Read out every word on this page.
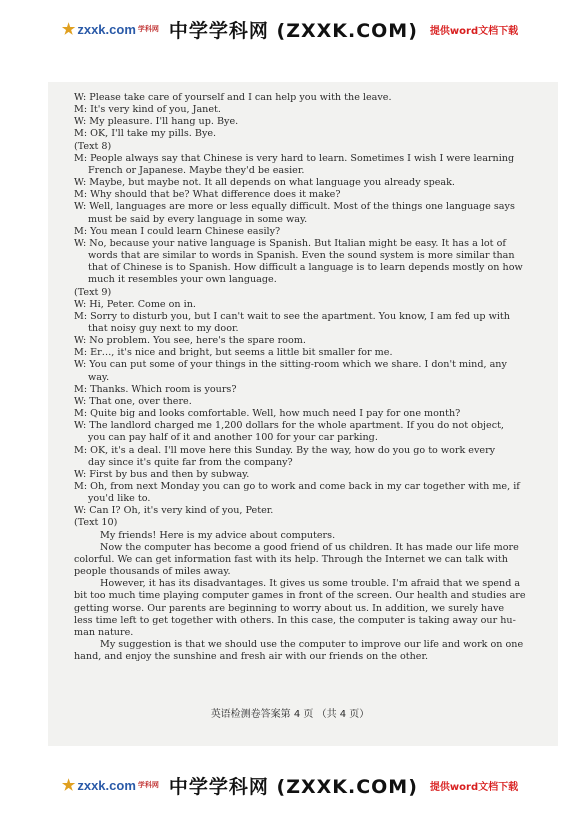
★ zxxk.com 学科网 中学学科网 (ZXXK.COM) 提供word文档下载
W: Please take care of yourself and I can help you with the leave.
M: It's very kind of you, Janet.
W: My pleasure. I'll hang up. Bye.
M: OK, I'll take my pills. Bye.
(Text 8)
M: People always say that Chinese is very hard to learn. Sometimes I wish I were learning
French or Japanese. Maybe they'd be easier.
W: Maybe, but maybe not. It all depends on what language you already speak.
M: Why should that be? What difference does it make?
W: Well, languages are more or less equally difficult. Most of the things one language says
must be said by every language in some way.
M: You mean I could learn Chinese easily?
W: No, because your native language is Spanish. But Italian might be easy. It has a lot of
words that are similar to words in Spanish. Even the sound system is more similar than
that of Chinese is to Spanish. How difficult a language is to learn depends mostly on how
much it resembles your own language.
(Text 9)
W: Hi, Peter. Come on in.
M: Sorry to disturb you, but I can't wait to see the apartment. You know, I am fed up with
that noisy guy next to my door.
W: No problem. You see, here's the spare room.
M: Er…, it's nice and bright, but seems a little bit smaller for me.
W: You can put some of your things in the sitting-room which we share. I don't mind, any
way.
M: Thanks. Which room is yours?
W: That one, over there.
M: Quite big and looks comfortable. Well, how much need I pay for one month?
W: The landlord charged me 1,200 dollars for the whole apartment. If you do not object,
you can pay half of it and another 100 for your car parking.
M: OK, it's a deal. I'll move here this Sunday. By the way, how do you go to work every
day since it's quite far from the company?
W: First by bus and then by subway.
M: Oh, from next Monday you can go to work and come back in my car together with me, if
you'd like to.
W: Can I? Oh, it's very kind of you, Peter.
(Text 10)
My friends! Here is my advice about computers.
Now the computer has become a good friend of us children. It has made our life more
colorful. We can get information fast with its help. Through the Internet we can talk with
people thousands of miles away.
However, it has its disadvantages. It gives us some trouble. I'm afraid that we spend a
bit too much time playing computer games in front of the screen. Our health and studies are
getting worse. Our parents are beginning to worry about us. In addition, we surely have
less time left to get together with others. In this case, the computer is taking away our hu-
man nature.
My suggestion is that we should use the computer to improve our life and work on one
hand, and enjoy the sunshine and fresh air with our friends on the other.
英语检测卷答案第 4 页 （共 4 页）
★ zxxk.com 学科网 中学学科网 (ZXXK.COM) 提供word文档下载
